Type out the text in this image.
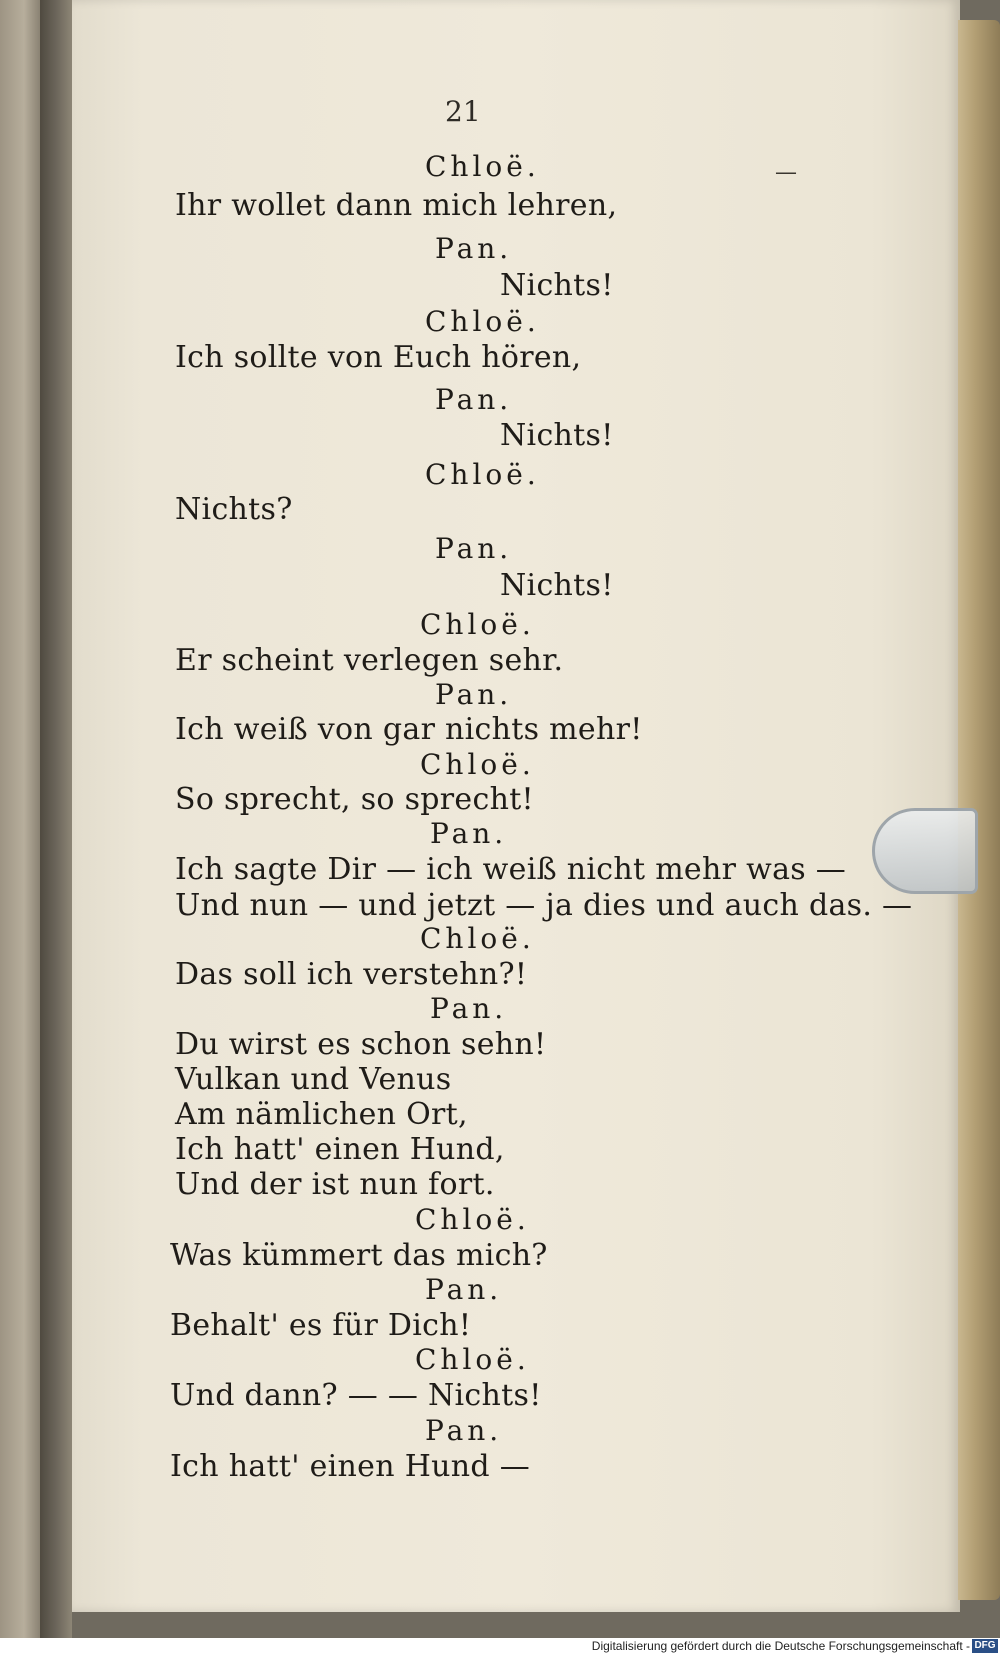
21
—
Chloë.
Ihr wollet dann mich lehren,
Pan.
Nichts!
Chloë.
Ich sollte von Euch hören,
Pan.
Nichts!
Chloë.
Nichts?
Pan.
Nichts!
Chloë.
Er scheint verlegen sehr.
Pan.
Ich weiß von gar nichts mehr!
Chloë.
So sprecht, so sprecht!
Pan.
Ich sagte Dir — ich weiß nicht mehr was —
Und nun — und jetzt — ja dies und auch das. —
Chloë.
Das soll ich verstehn?!
Pan.
Du wirst es schon sehn!
Vulkan und Venus
Am nämlichen Ort,
Ich hatt' einen Hund,
Und der ist nun fort.
Chloë.
Was kümmert das mich?
Pan.
Behalt' es für Dich!
Chloë.
Und dann? — — Nichts!
Pan.
Ich hatt' einen Hund —
Digitalisierung gefördert durch die Deutsche Forschungsgemeinschaft - DFG
